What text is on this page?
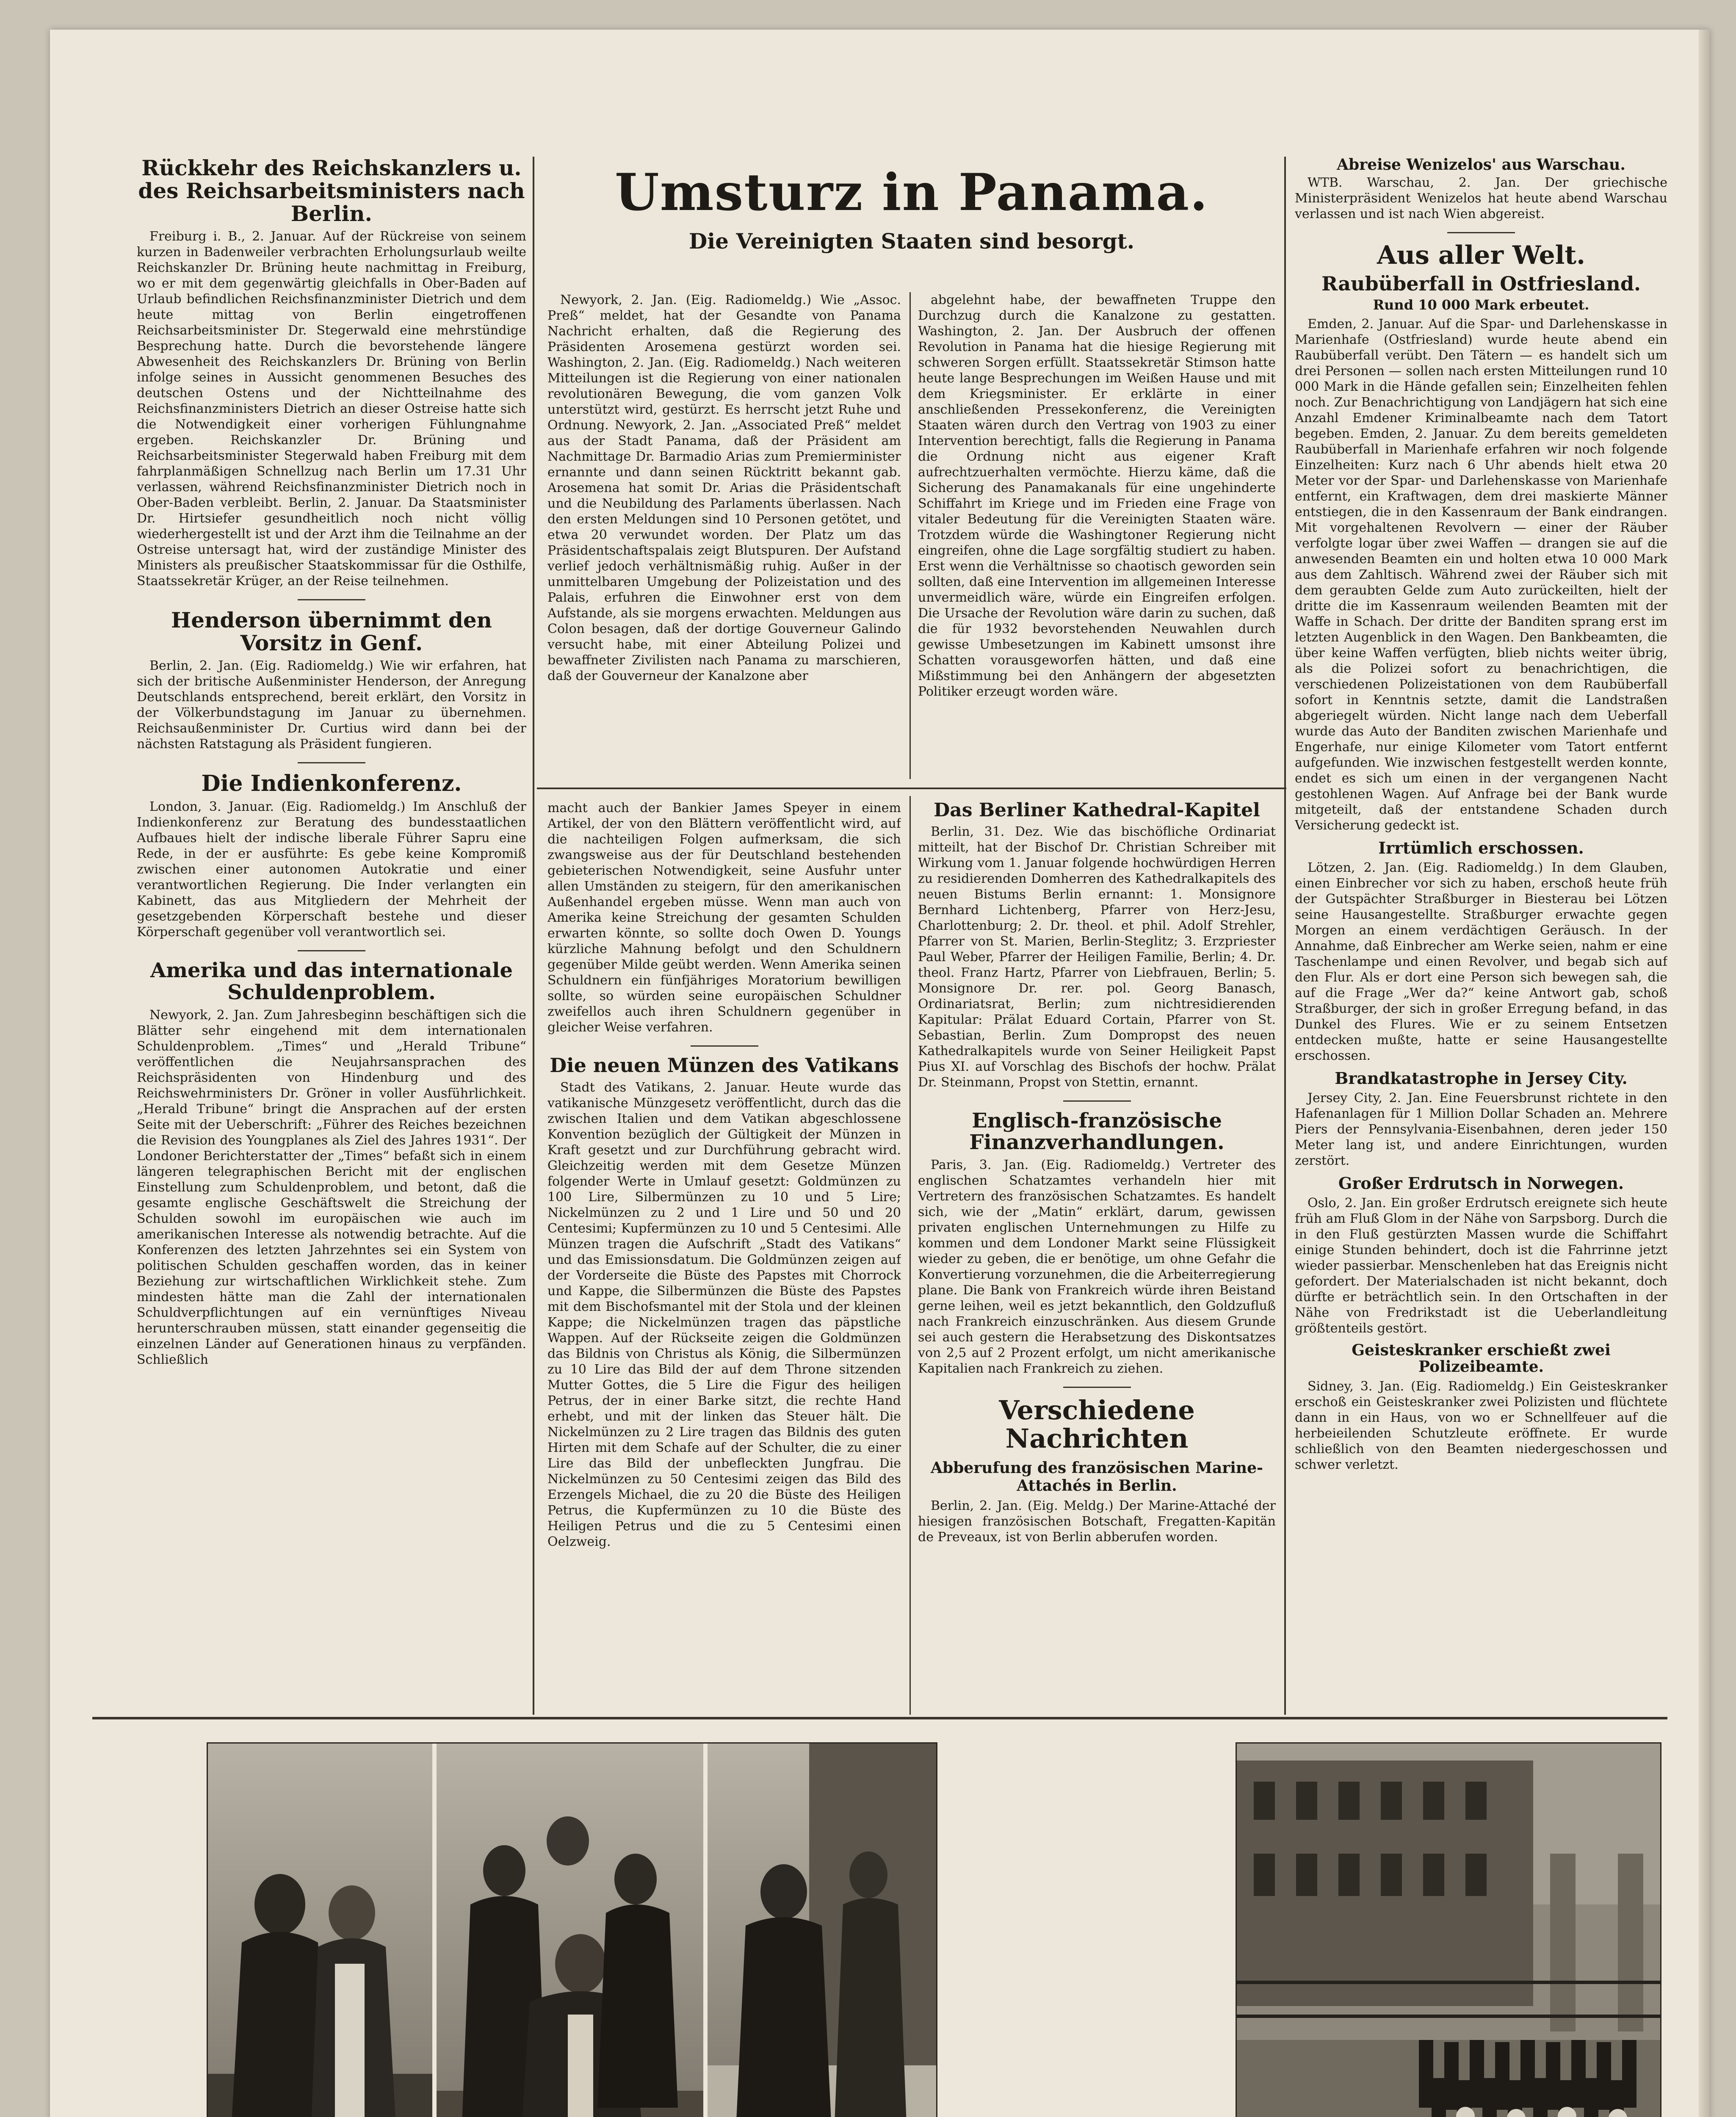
Rückkehr des Reichskanzlers u. des Reichsarbeitsministers nach Berlin.

Freiburg i. B., 2. Januar. Auf der Rückreise von seinem kurzen in Badenweiler verbrachten Erholungsurlaub weilte Reichskanzler Dr. Brüning heute nachmittag in Freiburg, wo er mit dem gegenwärtig gleichfalls in Ober-Baden auf Urlaub befindlichen Reichsfinanzminister Dietrich und dem heute mittag von Berlin eingetroffenen Reichsarbeitsminister Dr. Stegerwald eine mehrstündige Besprechung hatte. Durch die bevorstehende längere Abwesenheit des Reichskanzlers Dr. Brüning von Berlin infolge seines in Aussicht genommenen Besuches des deutschen Ostens und der Nichtteilnahme des Reichsfinanzministers Dietrich an dieser Ostreise hatte sich die Notwendigkeit einer vorherigen Fühlungnahme ergeben. Reichskanzler Dr. Brüning und Reichsarbeitsminister Stegerwald haben Freiburg mit dem fahrplanmäßigen Schnellzug nach Berlin um 17.31 Uhr verlassen, während Reichsfinanzminister Dietrich noch in Ober-Baden verbleibt. Berlin, 2. Januar. Da Staatsminister Dr. Hirtsiefer gesundheitlich noch nicht völlig wiederhergestellt ist und der Arzt ihm die Teilnahme an der Ostreise untersagt hat, wird der zuständige Minister des Ministers als preußischer Staatskommissar für die Osthilfe, Staatssekretär Krüger, an der Reise teilnehmen.

Henderson übernimmt den Vorsitz in Genf.

Berlin, 2. Jan. (Eig. Radiomeldg.) Wie wir erfahren, hat sich der britische Außenminister Henderson, der Anregung Deutschlands entsprechend, bereit erklärt, den Vorsitz in der Völkerbundstagung im Januar zu übernehmen. Reichsaußenminister Dr. Curtius wird dann bei der nächsten Ratstagung als Präsident fungieren.

Die Indienkonferenz.

London, 3. Januar. (Eig. Radiomeldg.) Im Anschluß der Indienkonferenz zur Beratung des bundesstaatlichen Aufbaues hielt der indische liberale Führer Sapru eine Rede, in der er ausführte: Es gebe keine Kompromiß zwischen einer autonomen Autokratie und einer verantwortlichen Regierung. Die Inder verlangten ein Kabinett, das aus Mitgliedern der Mehrheit der gesetzgebenden Körperschaft bestehe und dieser Körperschaft gegenüber voll verantwortlich sei.

Amerika und das internationale Schuldenproblem.

Newyork, 2. Jan. Zum Jahresbeginn beschäftigen sich die Blätter sehr eingehend mit dem internationalen Schuldenproblem. „Times“ und „Herald Tribune“ veröffentlichen die Neujahrsansprachen des Reichspräsidenten von Hindenburg und des Reichswehrministers Dr. Gröner in voller Ausführlichkeit. „Herald Tribune“ bringt die Ansprachen auf der ersten Seite mit der Ueberschrift: „Führer des Reiches bezeichnen die Revision des Youngplanes als Ziel des Jahres 1931“. Der Londoner Berichterstatter der „Times“ befaßt sich in einem längeren telegraphischen Bericht mit der englischen Einstellung zum Schuldenproblem, und betont, daß die gesamte englische Geschäftswelt die Streichung der Schulden sowohl im europäischen wie auch im amerikanischen Interesse als notwendig betrachte. Auf die Konferenzen des letzten Jahrzehntes sei ein System von politischen Schulden geschaffen worden, das in keiner Beziehung zur wirtschaftlichen Wirklichkeit stehe. Zum mindesten hätte man die Zahl der internationalen Schuldverpflichtungen auf ein vernünftiges Niveau herunterschrauben müssen, statt einander gegenseitig die einzelnen Länder auf Generationen hinaus zu verpfänden. Schließlich

Umsturz in Panama.

Die Vereinigten Staaten sind besorgt.

Newyork, 2. Jan. (Eig. Radiomeldg.) Wie „Assoc. Preß“ meldet, hat der Gesandte von Panama Nachricht erhalten, daß die Regierung des Präsidenten Arosemena gestürzt worden sei. Washington, 2. Jan. (Eig. Radiomeldg.) Nach weiteren Mitteilungen ist die Regierung von einer nationalen revolutionären Bewegung, die vom ganzen Volk unterstützt wird, gestürzt. Es herrscht jetzt Ruhe und Ordnung. Newyork, 2. Jan. „Associated Preß“ meldet aus der Stadt Panama, daß der Präsident am Nachmittage Dr. Barmadio Arias zum Premierminister ernannte und dann seinen Rücktritt bekannt gab. Arosemena hat somit Dr. Arias die Präsidentschaft und die Neubildung des Parlaments überlassen. Nach den ersten Meldungen sind 10 Personen getötet, und etwa 20 verwundet worden. Der Platz um das Präsidentschaftspalais zeigt Blutspuren. Der Aufstand verlief jedoch verhältnismäßig ruhig. Außer in der unmittelbaren Umgebung der Polizeistation und des Palais, erfuhren die Einwohner erst von dem Aufstande, als sie morgens erwachten. Meldungen aus Colon besagen, daß der dortige Gouverneur Galindo versucht habe, mit einer Abteilung Polizei und bewaffneter Zivilisten nach Panama zu marschieren, daß der Gouverneur der Kanalzone aber

abgelehnt habe, der bewaffneten Truppe den Durchzug durch die Kanalzone zu gestatten. Washington, 2. Jan. Der Ausbruch der offenen Revolution in Panama hat die hiesige Regierung mit schweren Sorgen erfüllt. Staatssekretär Stimson hatte heute lange Besprechungen im Weißen Hause und mit dem Kriegsminister. Er erklärte in einer anschließenden Pressekonferenz, die Vereinigten Staaten wären durch den Vertrag von 1903 zu einer Intervention berechtigt, falls die Regierung in Panama die Ordnung nicht aus eigener Kraft aufrechtzuerhalten vermöchte. Hierzu käme, daß die Sicherung des Panamakanals für eine ungehinderte Schiffahrt im Kriege und im Frieden eine Frage von vitaler Bedeutung für die Vereinigten Staaten wäre. Trotzdem würde die Washingtoner Regierung nicht eingreifen, ohne die Lage sorgfältig studiert zu haben. Erst wenn die Verhältnisse so chaotisch geworden sein sollten, daß eine Intervention im allgemeinen Interesse unvermeidlich wäre, würde ein Eingreifen erfolgen. Die Ursache der Revolution wäre darin zu suchen, daß die für 1932 bevorstehenden Neuwahlen durch gewisse Umbesetzungen im Kabinett umsonst ihre Schatten vorausgeworfen hätten, und daß eine Mißstimmung bei den Anhängern der abgesetzten Politiker erzeugt worden wäre.

macht auch der Bankier James Speyer in einem Artikel, der von den Blättern veröffentlicht wird, auf die nachteiligen Folgen aufmerksam, die sich zwangsweise aus der für Deutschland bestehenden gebieterischen Notwendigkeit, seine Ausfuhr unter allen Umständen zu steigern, für den amerikanischen Außenhandel ergeben müsse. Wenn man auch von Amerika keine Streichung der gesamten Schulden erwarten könnte, so sollte doch Owen D. Youngs kürzliche Mahnung befolgt und den Schuldnern gegenüber Milde geübt werden. Wenn Amerika seinen Schuldnern ein fünfjähriges Moratorium bewilligen sollte, so würden seine europäischen Schuldner zweifellos auch ihren Schuldnern gegenüber in gleicher Weise verfahren.

Die neuen Münzen des Vatikans

Stadt des Vatikans, 2. Januar. Heute wurde das vatikanische Münzgesetz veröffentlicht, durch das die zwischen Italien und dem Vatikan abgeschlossene Konvention bezüglich der Gültigkeit der Münzen in Kraft gesetzt und zur Durchführung gebracht wird. Gleichzeitig werden mit dem Gesetze Münzen folgender Werte in Umlauf gesetzt: Goldmünzen zu 100 Lire, Silbermünzen zu 10 und 5 Lire; Nickelmünzen zu 2 und 1 Lire und 50 und 20 Centesimi; Kupfermünzen zu 10 und 5 Centesimi. Alle Münzen tragen die Aufschrift „Stadt des Vatikans“ und das Emissionsdatum. Die Goldmünzen zeigen auf der Vorderseite die Büste des Papstes mit Chorrock und Kappe, die Silbermünzen die Büste des Papstes mit dem Bischofsmantel mit der Stola und der kleinen Kappe; die Nickelmünzen tragen das päpstliche Wappen. Auf der Rückseite zeigen die Goldmünzen das Bildnis von Christus als König, die Silbermünzen zu 10 Lire das Bild der auf dem Throne sitzenden Mutter Gottes, die 5 Lire die Figur des heiligen Petrus, der in einer Barke sitzt, die rechte Hand erhebt, und mit der linken das Steuer hält. Die Nickelmünzen zu 2 Lire tragen das Bildnis des guten Hirten mit dem Schafe auf der Schulter, die zu einer Lire das Bild der unbefleckten Jungfrau. Die Nickelmünzen zu 50 Centesimi zeigen das Bild des Erzengels Michael, die zu 20 die Büste des Heiligen Petrus, die Kupfermünzen zu 10 die Büste des Heiligen Petrus und die zu 5 Centesimi einen Oelzweig.

Das Berliner Kathedral-Kapitel

Berlin, 31. Dez. Wie das bischöfliche Ordinariat mitteilt, hat der Bischof Dr. Christian Schreiber mit Wirkung vom 1. Januar folgende hochwürdigen Herren zu residierenden Domherren des Kathedralkapitels des neuen Bistums Berlin ernannt: 1. Monsignore Bernhard Lichtenberg, Pfarrer von Herz-Jesu, Charlottenburg; 2. Dr. theol. et phil. Adolf Strehler, Pfarrer von St. Marien, Berlin-Steglitz; 3. Erzpriester Paul Weber, Pfarrer der Heiligen Familie, Berlin; 4. Dr. theol. Franz Hartz, Pfarrer von Liebfrauen, Berlin; 5. Monsignore Dr. rer. pol. Georg Banasch, Ordinariatsrat, Berlin; zum nichtresidierenden Kapitular: Prälat Eduard Cortain, Pfarrer von St. Sebastian, Berlin. Zum Dompropst des neuen Kathedralkapitels wurde von Seiner Heiligkeit Papst Pius XI. auf Vorschlag des Bischofs der hochw. Prälat Dr. Steinmann, Propst von Stettin, ernannt.

Englisch-französische Finanzverhandlungen.

Paris, 3. Jan. (Eig. Radiomeldg.) Vertreter des englischen Schatzamtes verhandeln hier mit Vertretern des französischen Schatzamtes. Es handelt sich, wie der „Matin“ erklärt, darum, gewissen privaten englischen Unternehmungen zu Hilfe zu kommen und dem Londoner Markt seine Flüssigkeit wieder zu geben, die er benötige, um ohne Gefahr die Konvertierung vorzunehmen, die die Arbeiterregierung plane. Die Bank von Frankreich würde ihren Beistand gerne leihen, weil es jetzt bekanntlich, den Goldzufluß nach Frankreich einzuschränken. Aus diesem Grunde sei auch gestern die Herabsetzung des Diskontsatzes von 2,5 auf 2 Prozent erfolgt, um nicht amerikanische Kapitalien nach Frankreich zu ziehen.

Verschiedene Nachrichten

Abberufung des französischen Marine-Attachés in Berlin.

Berlin, 2. Jan. (Eig. Meldg.) Der Marine-Attaché der hiesigen französischen Botschaft, Fregatten-Kapitän de Preveaux, ist von Berlin abberufen worden.

Abreise Wenizelos' aus Warschau.

WTB. Warschau, 2. Jan. Der griechische Ministerpräsident Wenizelos hat heute abend Warschau verlassen und ist nach Wien abgereist.

Aus aller Welt.
Raubüberfall in Ostfriesland.

Rund 10 000 Mark erbeutet.

Emden, 2. Januar. Auf die Spar- und Darlehenskasse in Marienhafe (Ostfriesland) wurde heute abend ein Raubüberfall verübt. Den Tätern — es handelt sich um drei Personen — sollen nach ersten Mitteilungen rund 10 000 Mark in die Hände gefallen sein; Einzelheiten fehlen noch. Zur Benachrichtigung von Landjägern hat sich eine Anzahl Emdener Kriminalbeamte nach dem Tatort begeben. Emden, 2. Januar. Zu dem bereits gemeldeten Raubüberfall in Marienhafe erfahren wir noch folgende Einzelheiten: Kurz nach 6 Uhr abends hielt etwa 20 Meter vor der Spar- und Darlehenskasse von Marienhafe entfernt, ein Kraftwagen, dem drei maskierte Männer entstiegen, die in den Kassenraum der Bank eindrangen. Mit vorgehaltenen Revolvern — einer der Räuber verfolgte logar über zwei Waffen — drangen sie auf die anwesenden Beamten ein und holten etwa 10 000 Mark aus dem Zahltisch. Während zwei der Räuber sich mit dem geraubten Gelde zum Auto zurückeilten, hielt der dritte die im Kassenraum weilenden Beamten mit der Waffe in Schach. Der dritte der Banditen sprang erst im letzten Augenblick in den Wagen. Den Bankbeamten, die über keine Waffen verfügten, blieb nichts weiter übrig, als die Polizei sofort zu benachrichtigen, die verschiedenen Polizeistationen von dem Raubüberfall sofort in Kenntnis setzte, damit die Landstraßen abgeriegelt würden. Nicht lange nach dem Ueberfall wurde das Auto der Banditen zwischen Marienhafe und Engerhafe, nur einige Kilometer vom Tatort entfernt aufgefunden. Wie inzwischen festgestellt werden konnte, endet es sich um einen in der vergangenen Nacht gestohlenen Wagen. Auf Anfrage bei der Bank wurde mitgeteilt, daß der entstandene Schaden durch Versicherung gedeckt ist.

Irrtümlich erschossen.

Lötzen, 2. Jan. (Eig. Radiomeldg.) In dem Glauben, einen Einbrecher vor sich zu haben, erschoß heute früh der Gutspächter Straßburger in Biesterau bei Lötzen seine Hausangestellte. Straßburger erwachte gegen Morgen an einem verdächtigen Geräusch. In der Annahme, daß Einbrecher am Werke seien, nahm er eine Taschenlampe und einen Revolver, und begab sich auf den Flur. Als er dort eine Person sich bewegen sah, die auf die Frage „Wer da?“ keine Antwort gab, schoß Straßburger, der sich in großer Erregung befand, in das Dunkel des Flures. Wie er zu seinem Entsetzen entdecken mußte, hatte er seine Hausangestellte erschossen.

Brandkatastrophe in Jersey City.

Jersey City, 2. Jan. Eine Feuersbrunst richtete in den Hafenanlagen für 1 Million Dollar Schaden an. Mehrere Piers der Pennsylvania-Eisenbahnen, deren jeder 150 Meter lang ist, und andere Einrichtungen, wurden zerstört.

Großer Erdrutsch in Norwegen.

Oslo, 2. Jan. Ein großer Erdrutsch ereignete sich heute früh am Fluß Glom in der Nähe von Sarpsborg. Durch die in den Fluß gestürzten Massen wurde die Schiffahrt einige Stunden behindert, doch ist die Fahrrinne jetzt wieder passierbar. Menschenleben hat das Ereignis nicht gefordert. Der Materialschaden ist nicht bekannt, doch dürfte er beträchtlich sein. In den Ortschaften in der Nähe von Fredrikstadt ist die Ueberlandleitung größtenteils gestört.

Geisteskranker erschießt zwei Polizeibeamte.

Sidney, 3. Jan. (Eig. Radiomeldg.) Ein Geisteskranker erschoß ein Geisteskranker zwei Polizisten und flüchtete dann in ein Haus, von wo er Schnellfeuer auf die herbeieilenden Schutzleute eröffnete. Er wurde schließlich von den Beamten niedergeschossen und schwer verletzt.
